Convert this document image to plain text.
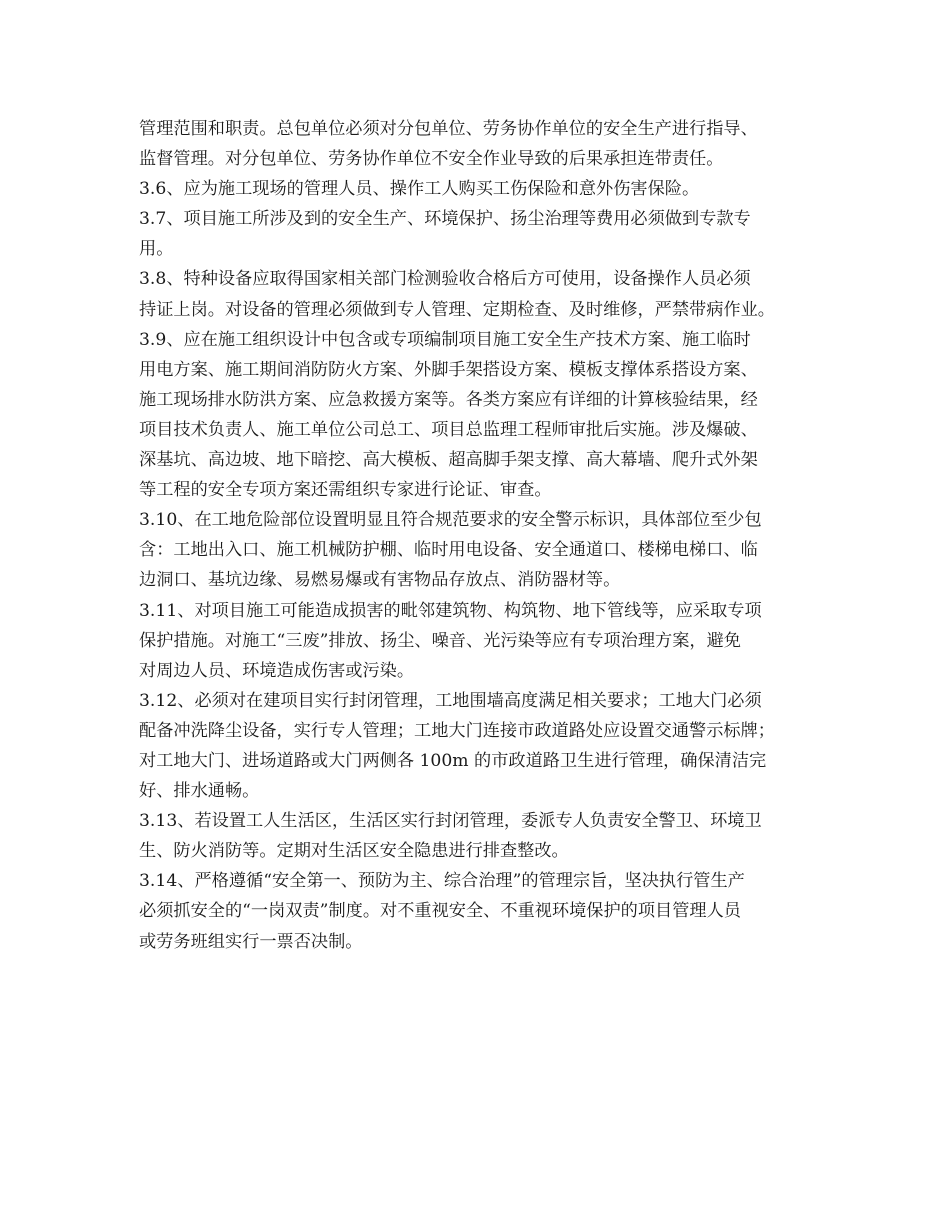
管理范围和职责。总包单位必须对分包单位、劳务协作单位的安全生产进行指导、

监督管理。对分包单位、劳务协作单位不安全作业导致的后果承担连带责任。

3.6、应为施工现场的管理人员、操作工人购买工伤保险和意外伤害保险。

3.7、项目施工所涉及到的安全生产、环境保护、扬尘治理等费用必须做到专款专

用。

3.8、特种设备应取得国家相关部门检测验收合格后方可使用，设备操作人员必须

持证上岗。对设备的管理必须做到专人管理、定期检查、及时维修，严禁带病作业。

3.9、应在施工组织设计中包含或专项编制项目施工安全生产技术方案、施工临时

用电方案、施工期间消防防火方案、外脚手架搭设方案、模板支撑体系搭设方案、

施工现场排水防洪方案、应急救援方案等。各类方案应有详细的计算核验结果，经

项目技术负责人、施工单位公司总工、项目总监理工程师审批后实施。涉及爆破、

深基坑、高边坡、地下暗挖、高大模板、超高脚手架支撑、高大幕墙、爬升式外架

等工程的安全专项方案还需组织专家进行论证、审查。

3.10、在工地危险部位设置明显且符合规范要求的安全警示标识，具体部位至少包

含：工地出入口、施工机械防护棚、临时用电设备、安全通道口、楼梯电梯口、临

边洞口、基坑边缘、易燃易爆或有害物品存放点、消防器材等。

3.11、对项目施工可能造成损害的毗邻建筑物、构筑物、地下管线等，应采取专项

保护措施。对施工“三废”排放、扬尘、噪音、光污染等应有专项治理方案，避免

对周边人员、环境造成伤害或污染。

3.12、必须对在建项目实行封闭管理，工地围墙高度满足相关要求；工地大门必须

配备冲洗降尘设备，实行专人管理；工地大门连接市政道路处应设置交通警示标牌；

对工地大门、进场道路或大门两侧各 100m 的市政道路卫生进行管理，确保清洁完

好、排水通畅。

3.13、若设置工人生活区，生活区实行封闭管理，委派专人负责安全警卫、环境卫

生、防火消防等。定期对生活区安全隐患进行排查整改。

3.14、严格遵循“安全第一、预防为主、综合治理”的管理宗旨，坚决执行管生产

必须抓安全的“一岗双责”制度。对不重视安全、不重视环境保护的项目管理人员

或劳务班组实行一票否决制。
